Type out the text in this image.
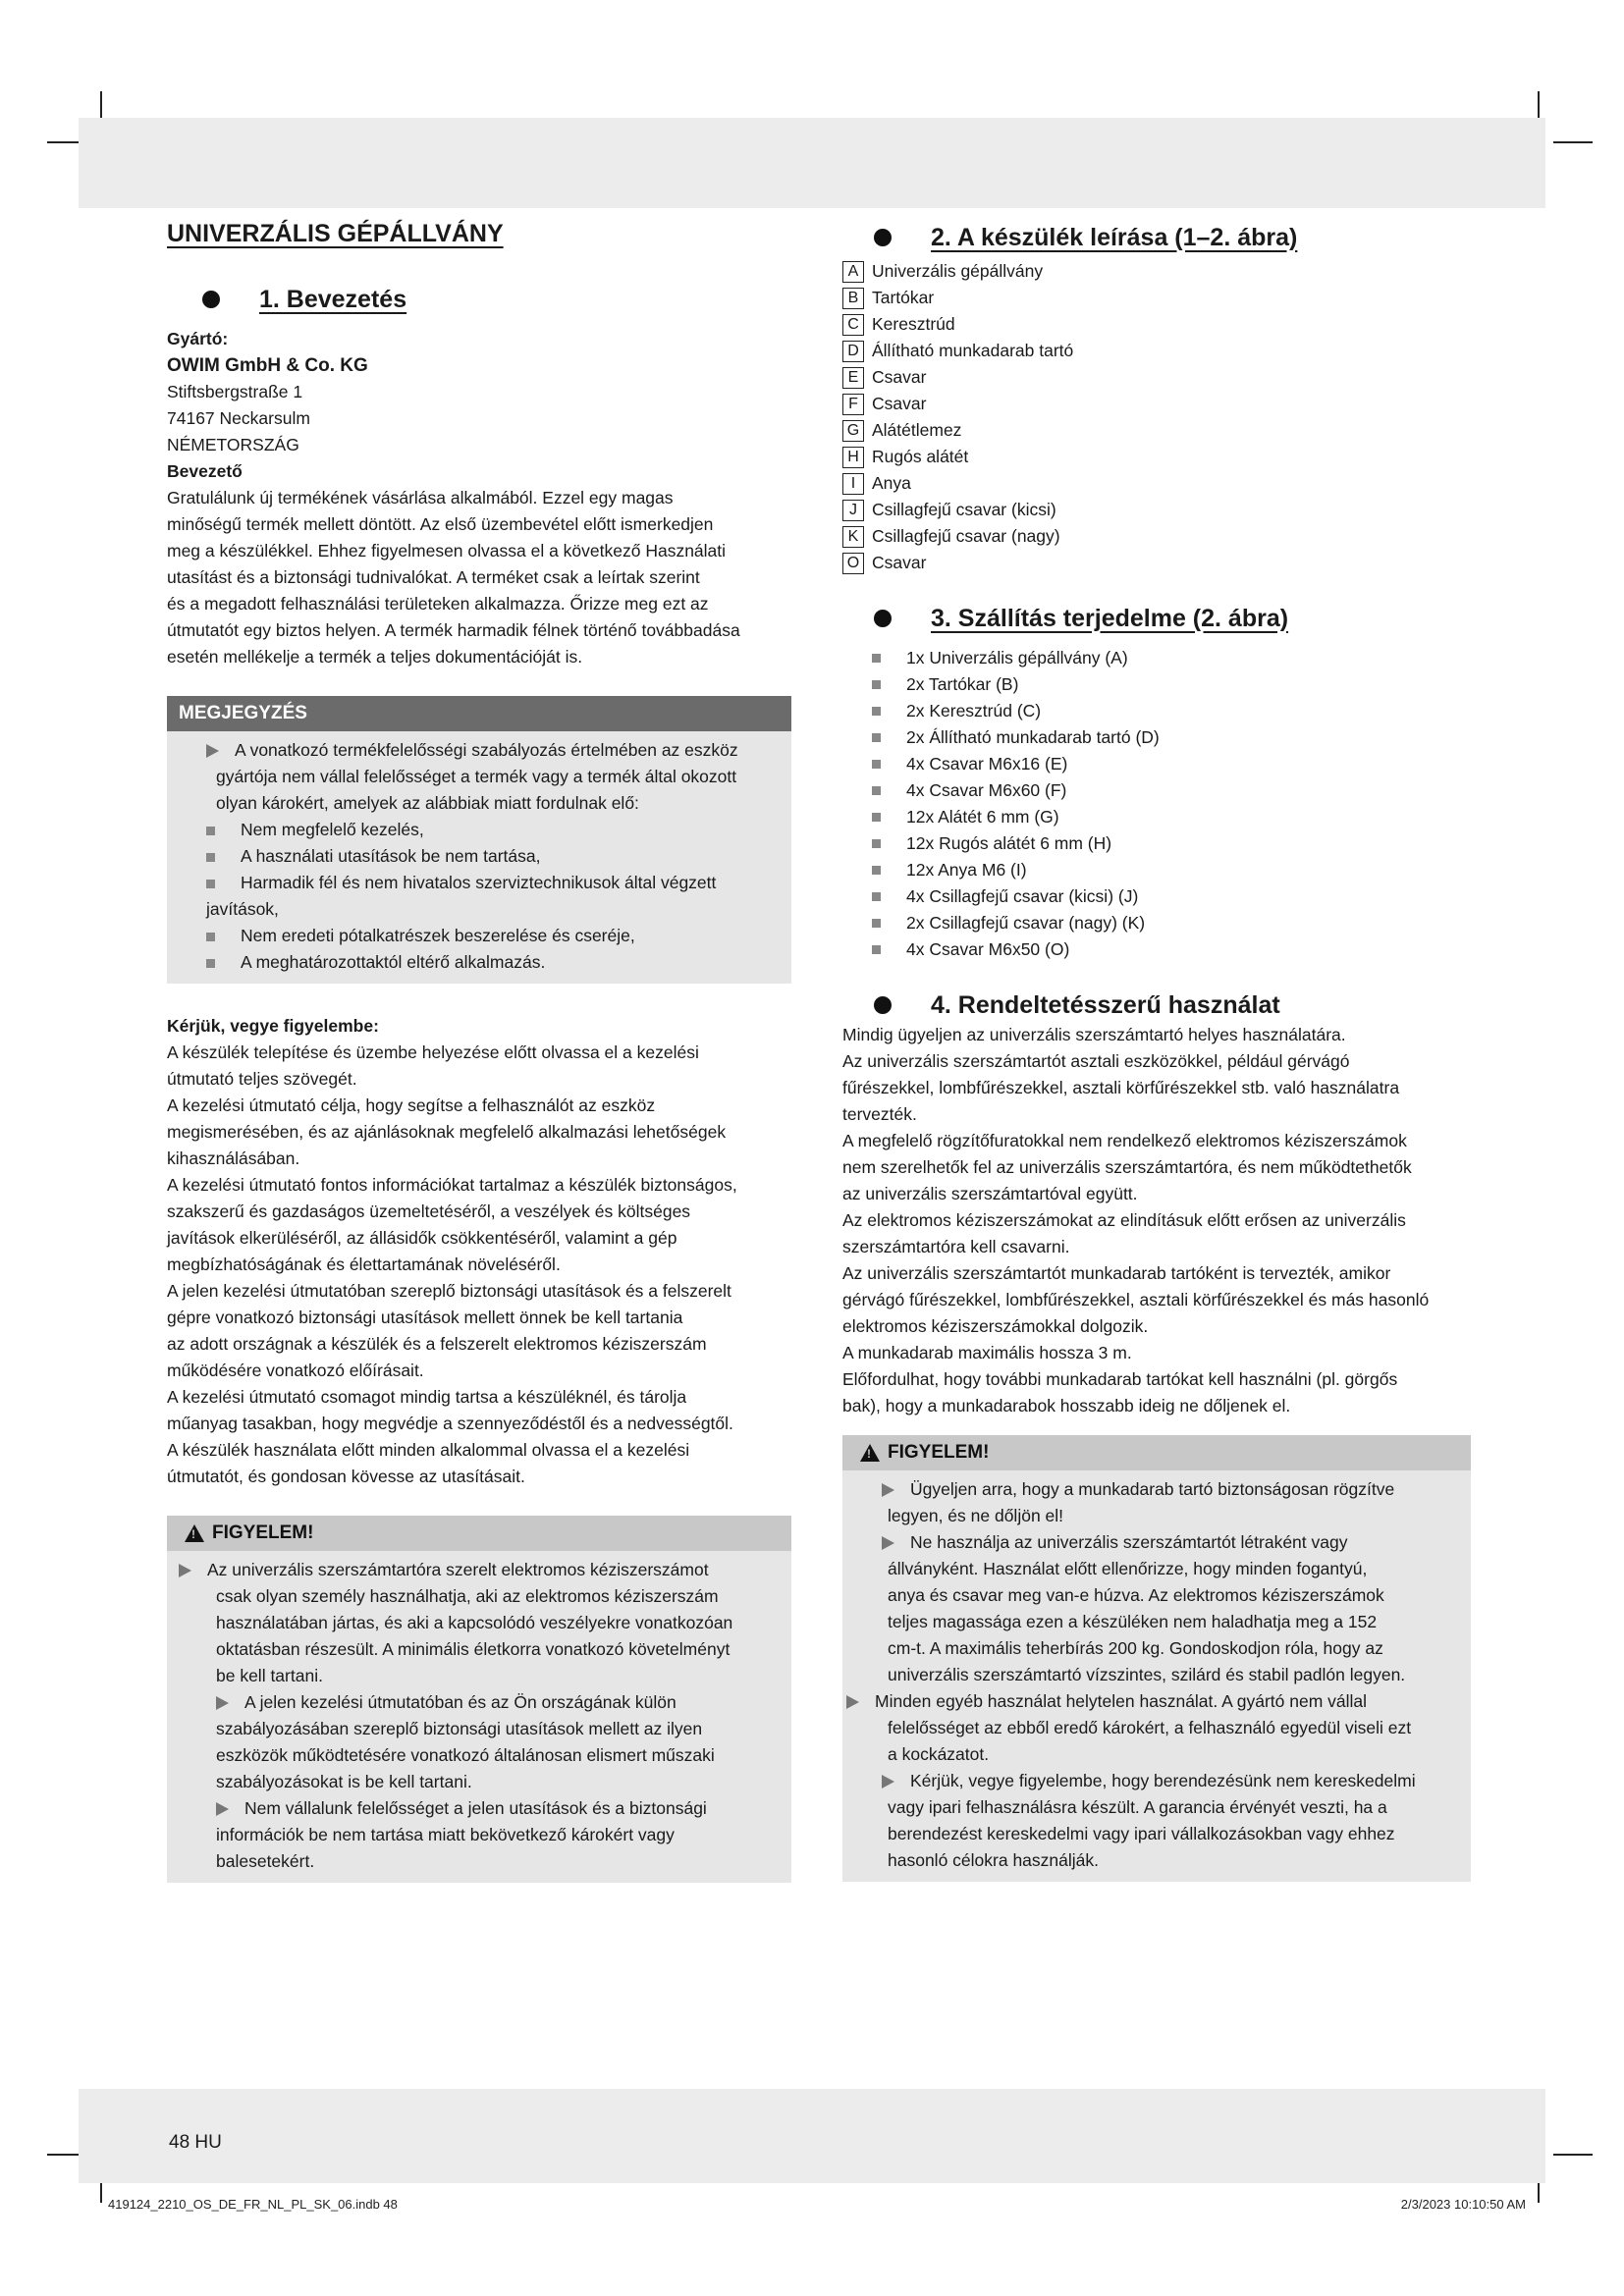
UNIVERZÁLIS GÉPÁLLVÁNY
1. Bevezetés

Gyártó:

OWIM GmbH & Co. KG

Stiftsbergstraße 1

74167 Neckarsulm

NÉMETORSZÁG

Bevezető

Gratulálunk új termékének vásárlása alkalmából. Ezzel egy magas

minőségű termék mellett döntött. Az első üzembevétel előtt ismerkedjen

meg a készülékkel. Ehhez figyelmesen olvassa el a következő Használati

utasítást és a biztonsági tudnivalókat. A terméket csak a leírtak szerint

és a megadott felhasználási területeken alkalmazza. Őrizze meg ezt az

útmutatót egy biztos helyen. A termék harmadik félnek történő továbbadása

esetén mellékelje a termék a teljes dokumentációját is.

MEGJEGYZÉS

A vonatkozó termékfelelősségi szabályozás értelmében az eszköz

gyártója nem vállal felelősséget a termék vagy a termék által okozott

olyan károkért, amelyek az alábbiak miatt fordulnak elő:

Nem megfelelő kezelés,

A használati utasítások be nem tartása,

Harmadik fél és nem hivatalos szerviztechnikusok által végzett

javítások,

Nem eredeti pótalkatrészek beszerelése és cseréje,

A meghatározottaktól eltérő alkalmazás.

Kérjük, vegye figyelembe:

A készülék telepítése és üzembe helyezése előtt olvassa el a kezelési

útmutató teljes szövegét.

A kezelési útmutató célja, hogy segítse a felhasználót az eszköz

megismerésében, és az ajánlásoknak megfelelő alkalmazási lehetőségek

kihasználásában.

A kezelési útmutató fontos információkat tartalmaz a készülék biztonságos,

szakszerű és gazdaságos üzemeltetéséről, a veszélyek és költséges

javítások elkerüléséről, az állásidők csökkentéséről, valamint a gép

megbízhatóságának és élettartamának növeléséről.

A jelen kezelési útmutatóban szereplő biztonsági utasítások és a felszerelt

gépre vonatkozó biztonsági utasítások mellett önnek be kell tartania

az adott országnak a készülék és a felszerelt elektromos kéziszerszám

működésére vonatkozó előírásait.

A kezelési útmutató csomagot mindig tartsa a készüléknél, és tárolja

műanyag tasakban, hogy megvédje a szennyeződéstől és a nedvességtől.

A készülék használata előtt minden alkalommal olvassa el a kezelési

útmutatót, és gondosan kövesse az utasításait.

!
FIGYELEM!

Az univerzális szerszámtartóra szerelt elektromos kéziszerszámot

csak olyan személy használhatja, aki az elektromos kéziszerszám

használatában jártas, és aki a kapcsolódó veszélyekre vonatkozóan

oktatásban részesült. A minimális életkorra vonatkozó követelményt

be kell tartani.

A jelen kezelési útmutatóban és az Ön országának külön

szabályozásában szereplő biztonsági utasítások mellett az ilyen

eszközök működtetésére vonatkozó általánosan elismert műszaki

szabályozásokat is be kell tartani.

Nem vállalunk felelősséget a jelen utasítások és a biztonsági

információk be nem tartása miatt bekövetkező károkért vagy

balesetekért.

2. A készülék leírása (1–2. ábra)
A Univerzális gépállvány
B Tartókar
C Keresztrúd
D Állítható munkadarab tartó
E Csavar
F Csavar
G Alátétlemez
H Rugós alátét
I Anya
J Csillagfejű csavar (kicsi)
K Csillagfejű csavar (nagy)
O Csavar
3. Szállítás terjedelme (2. ábra)
1x Univerzális gépállvány (A)
2x Tartókar (B)
2x Keresztrúd (C)
2x Állítható munkadarab tartó (D)
4x Csavar M6x16 (E)
4x Csavar M6x60 (F)
12x Alátét 6 mm (G)
12x Rugós alátét 6 mm (H)
12x Anya M6 (I)
4x Csillagfejű csavar (kicsi) (J)
2x Csillagfejű csavar (nagy) (K)
4x Csavar M6x50 (O)
4. Rendeltetésszerű használat

Mindig ügyeljen az univerzális szerszámtartó helyes használatára.

Az univerzális szerszámtartót asztali eszközökkel, például gérvágó

fűrészekkel, lombfűrészekkel, asztali körfűrészekkel stb. való használatra

tervezték.

A megfelelő rögzítőfuratokkal nem rendelkező elektromos kéziszerszámok

nem szerelhetők fel az univerzális szerszámtartóra, és nem működtethetők

az univerzális szerszámtartóval együtt.

Az elektromos kéziszerszámokat az elindításuk előtt erősen az univerzális

szerszámtartóra kell csavarni.

Az univerzális szerszámtartót munkadarab tartóként is tervezték, amikor

gérvágó fűrészekkel, lombfűrészekkel, asztali körfűrészekkel és más hasonló

elektromos kéziszerszámokkal dolgozik.

A munkadarab maximális hossza 3 m.

Előfordulhat, hogy további munkadarab tartókat kell használni (pl. görgős

bak), hogy a munkadarabok hosszabb ideig ne dőljenek el.

!
FIGYELEM!

Ügyeljen arra, hogy a munkadarab tartó biztonságosan rögzítve

legyen, és ne dőljön el!

Ne használja az univerzális szerszámtartót létraként vagy

állványként. Használat előtt ellenőrizze, hogy minden fogantyú,

anya és csavar meg van-e húzva. Az elektromos kéziszerszámok

teljes magassága ezen a készüléken nem haladhatja meg a 152

cm-t. A maximális teherbírás 200 kg. Gondoskodjon róla, hogy az

univerzális szerszámtartó vízszintes, szilárd és stabil padlón legyen.

Minden egyéb használat helytelen használat. A gyártó nem vállal

felelősséget az ebből eredő károkért, a felhasználó egyedül viseli ezt

a kockázatot.

Kérjük, vegye figyelembe, hogy berendezésünk nem kereskedelmi

vagy ipari felhasználásra készült. A garancia érvényét veszti, ha a

berendezést kereskedelmi vagy ipari vállalkozásokban vagy ehhez

hasonló célokra használják.

48 HU
419124_2210_OS_DE_FR_NL_PL_SK_06.indb 48	2/3/2023 10:10:50 AM
